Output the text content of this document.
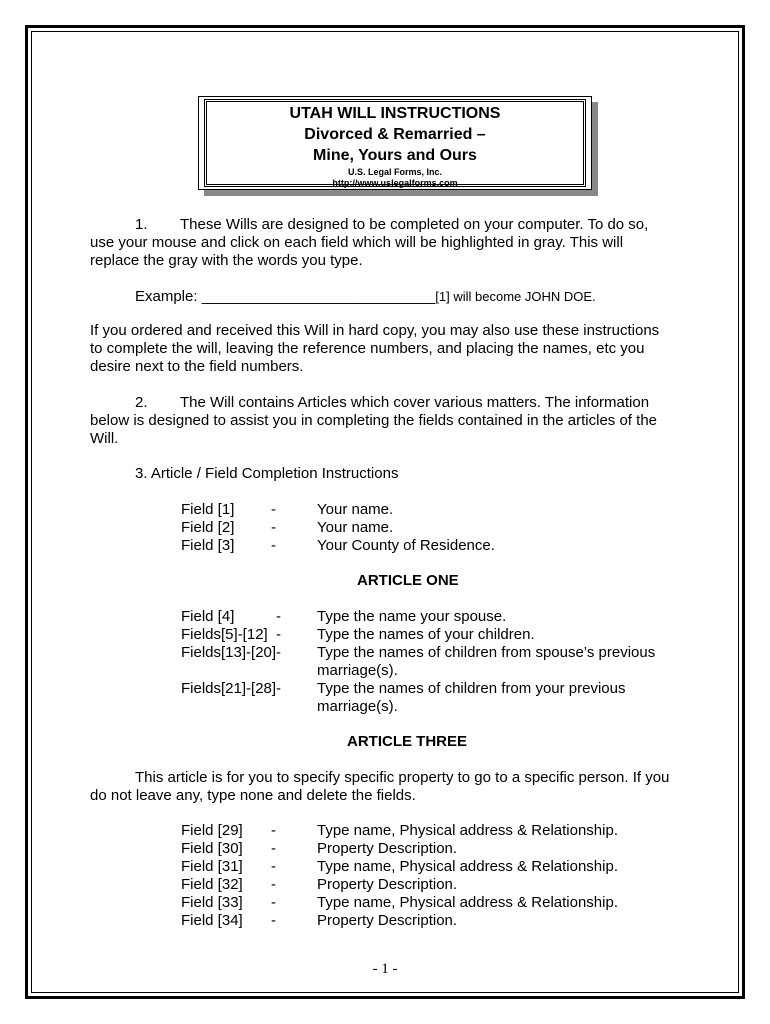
UTAH WILL INSTRUCTIONS
Divorced & Remarried –
Mine, Yours and Ours
U.S. Legal Forms, Inc.
http://www.uslegalforms.com
1. These Wills are designed to be completed on your computer. To do so,
use your mouse and click on each field which will be highlighted in gray. This will
replace the gray with the words you type.
Example: ____________________________[1] will become JOHN DOE.
If you ordered and received this Will in hard copy, you may also use these instructions
to complete the will, leaving the reference numbers, and placing the names, etc you
desire next to the field numbers.
2. The Will contains Articles which cover various matters. The information
below is designed to assist you in completing the fields contained in the articles of the
Will.
3. Article / Field Completion Instructions
Field [1] -	Your name.
Field [2] -	Your name.
Field [3] -	Your County of Residence.
ARTICLE ONE
Field [4]          - Type the name your spouse.
Fields[5]-[12]  - Type the names of your children.
Fields[13]-[20]- Type the names of children from spouse’s previous
marriage(s).
Fields[21]-[28]- Type the names of children from your previous
marriage(s).
ARTICLE THREE
This article is for you to specify specific property to go to a specific person. If you
do not leave any, type none and delete the fields.
Field [29] -	Type name, Physical address & Relationship.
Field [30] -	Property Description.
Field [31] -	Type name, Physical address & Relationship.
Field [32] -	Property Description.
Field [33] -	Type name, Physical address & Relationship.
Field [34] -	Property Description.
- 1 -
